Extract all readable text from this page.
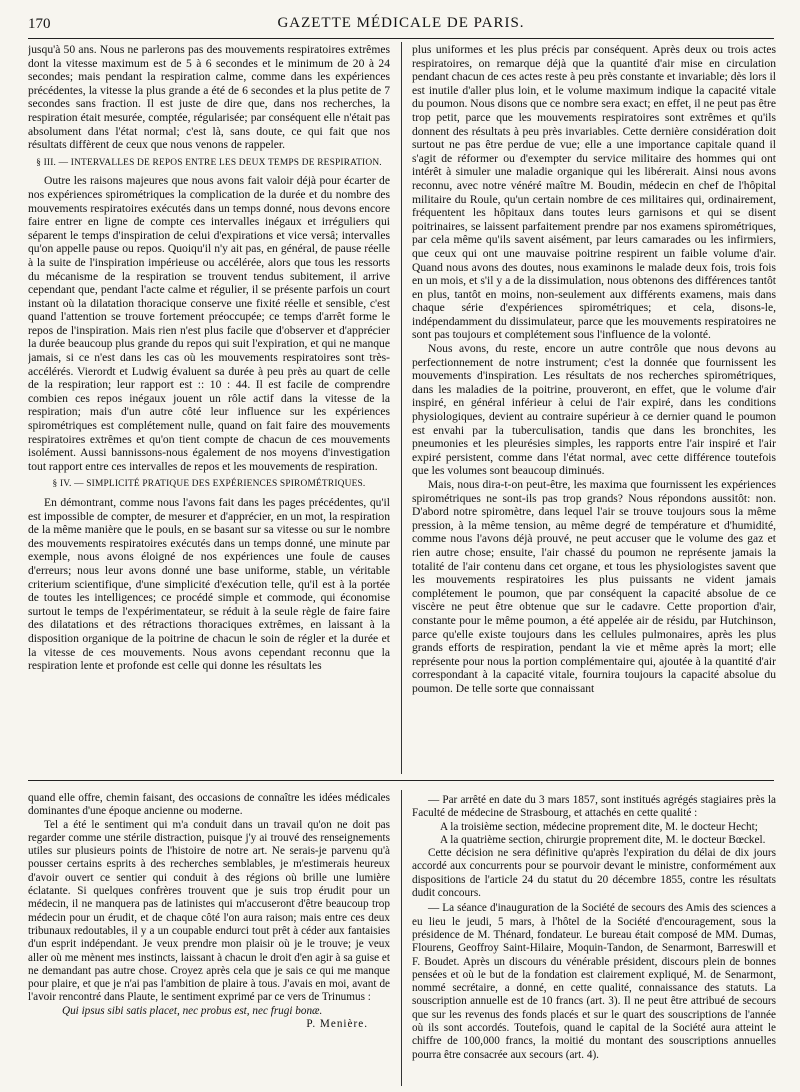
170	GAZETTE MÉDICALE DE PARIS.

jusqu'à 50 ans. Nous ne parlerons pas des mouvements respiratoires extrêmes dont la vitesse maximum est de 5 à 6 secondes et le minimum de 20 à 24 secondes; mais pendant la respiration calme, comme dans les expériences précédentes, la vitesse la plus grande a été de 6 secondes et la plus petite de 7 secondes sans fraction. Il est juste de dire que, dans nos recherches, la respiration était mesurée, comptée, régularisée; par conséquent elle n'était pas absolument dans l'état normal; c'est là, sans doute, ce qui fait que nos résultats diffèrent de ceux que nous venons de rappeler.

§ III. — INTERVALLES DE REPOS ENTRE LES DEUX TEMPS DE RESPIRATION.

Outre les raisons majeures que nous avons fait valoir déjà pour écarter de nos expériences spirométriques la complication de la durée et du nombre des mouvements respiratoires exécutés dans un temps donné, nous devons encore faire entrer en ligne de compte ces intervalles inégaux et irréguliers qui séparent le temps d'inspiration de celui d'expirations et vice versâ; intervalles qu'on appelle pause ou repos. Quoiqu'il n'y ait pas, en général, de pause réelle à la suite de l'inspiration impérieuse ou accélérée, alors que tous les ressorts du mécanisme de la respiration se trouvent tendus subitement, il arrive cependant que, pendant l'acte calme et régulier, il se présente parfois un court instant où la dilatation thoracique conserve une fixité réelle et sensible, c'est quand l'attention se trouve fortement préoccupée; ce temps d'arrêt forme le repos de l'inspiration. Mais rien n'est plus facile que d'observer et d'apprécier la durée beaucoup plus grande du repos qui suit l'expiration, et qui ne manque jamais, si ce n'est dans les cas où les mouvements respiratoires sont très-accélérés. Vierordt et Ludwig évaluent sa durée à peu près au quart de celle de la respiration; leur rapport est :: 10 : 44. Il est facile de comprendre combien ces repos inégaux jouent un rôle actif dans la vitesse de la respiration; mais d'un autre côté leur influence sur les expériences spirométriques est complétement nulle, quand on fait faire des mouvements respiratoires extrêmes et qu'on tient compte de chacun de ces mouvements isolément. Aussi bannissons-nous également de nos moyens d'investigation tout rapport entre ces intervalles de repos et les mouvements de respiration.

§ IV. — SIMPLICITÉ PRATIQUE DES EXPÉRIENCES SPIROMÉTRIQUES.

En démontrant, comme nous l'avons fait dans les pages précédentes, qu'il est impossible de compter, de mesurer et d'apprécier, en un mot, la respiration de la même manière que le pouls, en se basant sur sa vitesse ou sur le nombre des mouvements respiratoires exécutés dans un temps donné, une minute par exemple, nous avons éloigné de nos expériences une foule de causes d'erreurs; nous leur avons donné une base uniforme, stable, un véritable criterium scientifique, d'une simplicité d'exécution telle, qu'il est à la portée de toutes les intelligences; ce procédé simple et commode, qui économise surtout le temps de l'expérimentateur, se réduit à la seule règle de faire faire des dilatations et des rétractions thoraciques extrêmes, en laissant à la disposition organique de la poitrine de chacun le soin de régler et la durée et la vitesse de ces mouvements. Nous avons cependant reconnu que la respiration lente et profonde est celle qui donne les résultats les

plus uniformes et les plus précis par conséquent. Après deux ou trois actes respiratoires, on remarque déjà que la quantité d'air mise en circulation pendant chacun de ces actes reste à peu près constante et invariable; dès lors il est inutile d'aller plus loin, et le volume maximum indique la capacité vitale du poumon. Nous disons que ce nombre sera exact; en effet, il ne peut pas être trop petit, parce que les mouvements respiratoires sont extrêmes et qu'ils donnent des résultats à peu près invariables. Cette dernière considération doit surtout ne pas être perdue de vue; elle a une importance capitale quand il s'agit de réformer ou d'exempter du service militaire des hommes qui ont intérêt à simuler une maladie organique qui les libérerait. Ainsi nous avons reconnu, avec notre vénéré maître M. Boudin, médecin en chef de l'hôpital militaire du Roule, qu'un certain nombre de ces militaires qui, ordinairement, fréquentent les hôpitaux dans toutes leurs garnisons et qui se disent poitrinaires, se laissent parfaitement prendre par nos examens spirométriques, par cela même qu'ils savent aisément, par leurs camarades ou les infirmiers, que ceux qui ont une mauvaise poitrine respirent un faible volume d'air. Quand nous avons des doutes, nous examinons le malade deux fois, trois fois en un mois, et s'il y a de la dissimulation, nous obtenons des différences tantôt en plus, tantôt en moins, non-seulement aux différents examens, mais dans chaque série d'expériences spirométriques; et cela, disons-le, indépendamment du dissimulateur, parce que les mouvements respiratoires ne sont pas toujours et complétement sous l'influence de la volonté.

Nous avons, du reste, encore un autre contrôle que nous devons au perfectionnement de notre instrument; c'est la donnée que fournissent les mouvements d'inspiration. Les résultats de nos recherches spirométriques, dans les maladies de la poitrine, prouveront, en effet, que le volume d'air inspiré, en général inférieur à celui de l'air expiré, dans les conditions physiologiques, devient au contraire supérieur à ce dernier quand le poumon est envahi par la tuberculisation, tandis que dans les bronchites, les pneumonies et les pleurésies simples, les rapports entre l'air inspiré et l'air expiré persistent, comme dans l'état normal, avec cette différence toutefois que les volumes sont beaucoup diminués.

Mais, nous dira-t-on peut-être, les maxima que fournissent les expériences spirométriques ne sont-ils pas trop grands? Nous répondons aussitôt: non. D'abord notre spiromètre, dans lequel l'air se trouve toujours sous la même pression, à la même tension, au même degré de température et d'humidité, comme nous l'avons déjà prouvé, ne peut accuser que le volume des gaz et rien autre chose; ensuite, l'air chassé du poumon ne représente jamais la totalité de l'air contenu dans cet organe, et tous les physiologistes savent que les mouvements respiratoires les plus puissants ne vident jamais complétement le poumon, que par conséquent la capacité absolue de ce viscère ne peut être obtenue que sur le cadavre. Cette proportion d'air, constante pour le même poumon, a été appelée air de résidu, par Hutchinson, parce qu'elle existe toujours dans les cellules pulmonaires, après les plus grands efforts de respiration, pendant la vie et même après la mort; elle représente pour nous la portion complémentaire qui, ajoutée à la quantité d'air correspondant à la capacité vitale, fournira toujours la capacité absolue du poumon. De telle sorte que connaissant

quand elle offre, chemin faisant, des occasions de connaître les idées médicales dominantes d'une époque ancienne ou moderne.

Tel a été le sentiment qui m'a conduit dans un travail qu'on ne doit pas regarder comme une stérile distraction, puisque j'y ai trouvé des renseignements utiles sur plusieurs points de l'histoire de notre art. Ne serais-je parvenu qu'à pousser certains esprits à des recherches semblables, je m'estimerais heureux d'avoir ouvert ce sentier qui conduit à des régions où brille une lumière éclatante. Si quelques confrères trouvent que je suis trop érudit pour un médecin, il ne manquera pas de latinistes qui m'accuseront d'être beaucoup trop médecin pour un érudit, et de chaque côté l'on aura raison; mais entre ces deux tribunaux redoutables, il y a un coupable endurci tout prêt à céder aux fantaisies d'un esprit indépendant. Je veux prendre mon plaisir où je le trouve; je veux aller où me mènent mes instincts, laissant à chacun le droit d'en agir à sa guise et ne demandant pas autre chose. Croyez après cela que je sais ce qui me manque pour plaire, et que je n'ai pas l'ambition de plaire à tous. J'avais en moi, avant de l'avoir rencontré dans Plaute, le sentiment exprimé par ce vers de Trinumus :

Qui ipsus sibi satis placet, nec probus est, nec frugi bonæ.

P. Menière.

— Par arrêté en date du 3 mars 1857, sont institués agrégés stagiaires près la Faculté de médecine de Strasbourg, et attachés en cette qualité :

A la troisième section, médecine proprement dite, M. le docteur Hecht;

A la quatrième section, chirurgie proprement dite, M. le docteur Bœckel.

Cette décision ne sera définitive qu'après l'expiration du délai de dix jours accordé aux concurrents pour se pourvoir devant le ministre, conformément aux dispositions de l'article 24 du statut du 20 décembre 1855, contre les résultats dudit concours.

— La séance d'inauguration de la Société de secours des Amis des sciences a eu lieu le jeudi, 5 mars, à l'hôtel de la Société d'encouragement, sous la présidence de M. Thénard, fondateur. Le bureau était composé de MM. Dumas, Flourens, Geoffroy Saint-Hilaire, Moquin-Tandon, de Senarmont, Barreswill et F. Boudet. Après un discours du vénérable président, discours plein de bonnes pensées et où le but de la fondation est clairement expliqué, M. de Senarmont, nommé secrétaire, a donné, en cette qualité, connaissance des statuts. La souscription annuelle est de 10 francs (art. 3). Il ne peut être attribué de secours que sur les revenus des fonds placés et sur le quart des souscriptions de l'année où ils sont accordés. Toutefois, quand le capital de la Société aura atteint le chiffre de 100,000 francs, la moitié du montant des souscriptions annuelles pourra être consacrée aux secours (art. 4).
